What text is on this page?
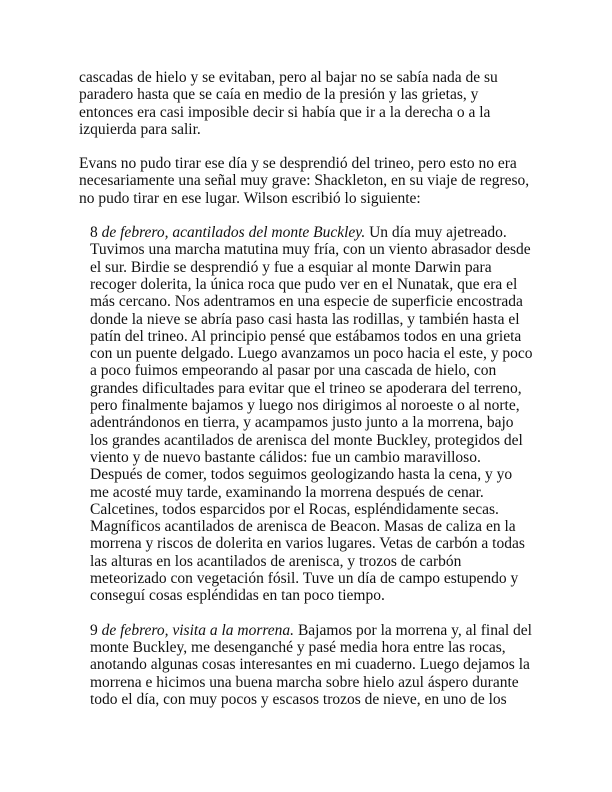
cascadas de hielo y se evitaban, pero al bajar no se sabía nada de su paradero hasta que se caía en medio de la presión y las grietas, y entonces era casi imposible decir si había que ir a la derecha o a la izquierda para salir.

Evans no pudo tirar ese día y se desprendió del trineo, pero esto no era necesariamente una señal muy grave: Shackleton, en su viaje de regreso, no pudo tirar en ese lugar. Wilson escribió lo siguiente:

8 de febrero, acantilados del monte Buckley. Un día muy ajetreado. Tuvimos una marcha matutina muy fría, con un viento abrasador desde el sur. Birdie se desprendió y fue a esquiar al monte Darwin para recoger dolerita, la única roca que pudo ver en el Nunatak, que era el más cercano. Nos adentramos en una especie de superficie encostrada donde la nieve se abría paso casi hasta las rodillas, y también hasta el patín del trineo. Al principio pensé que estábamos todos en una grieta con un puente delgado. Luego avanzamos un poco hacia el este, y poco a poco fuimos empeorando al pasar por una cascada de hielo, con grandes dificultades para evitar que el trineo se apoderara del terreno, pero finalmente bajamos y luego nos dirigimos al noroeste o al norte, adentrándonos en tierra, y acampamos justo junto a la morrena, bajo los grandes acantilados de arenisca del monte Buckley, protegidos del viento y de nuevo bastante cálidos: fue un cambio maravilloso. Después de comer, todos seguimos geologizando hasta la cena, y yo me acosté muy tarde, examinando la morrena después de cenar. Calcetines, todos esparcidos por el Rocas, espléndidamente secas. Magníficos acantilados de arenisca de Beacon. Masas de caliza en la morrena y riscos de dolerita en varios lugares. Vetas de carbón a todas las alturas en los acantilados de arenisca, y trozos de carbón meteorizado con vegetación fósil. Tuve un día de campo estupendo y conseguí cosas espléndidas en tan poco tiempo.

9 de febrero, visita a la morrena. Bajamos por la morrena y, al final del monte Buckley, me desenganché y pasé media hora entre las rocas, anotando algunas cosas interesantes en mi cuaderno. Luego dejamos la morrena e hicimos una buena marcha sobre hielo azul áspero durante todo el día, con muy pocos y escasos trozos de nieve, en uno de los
